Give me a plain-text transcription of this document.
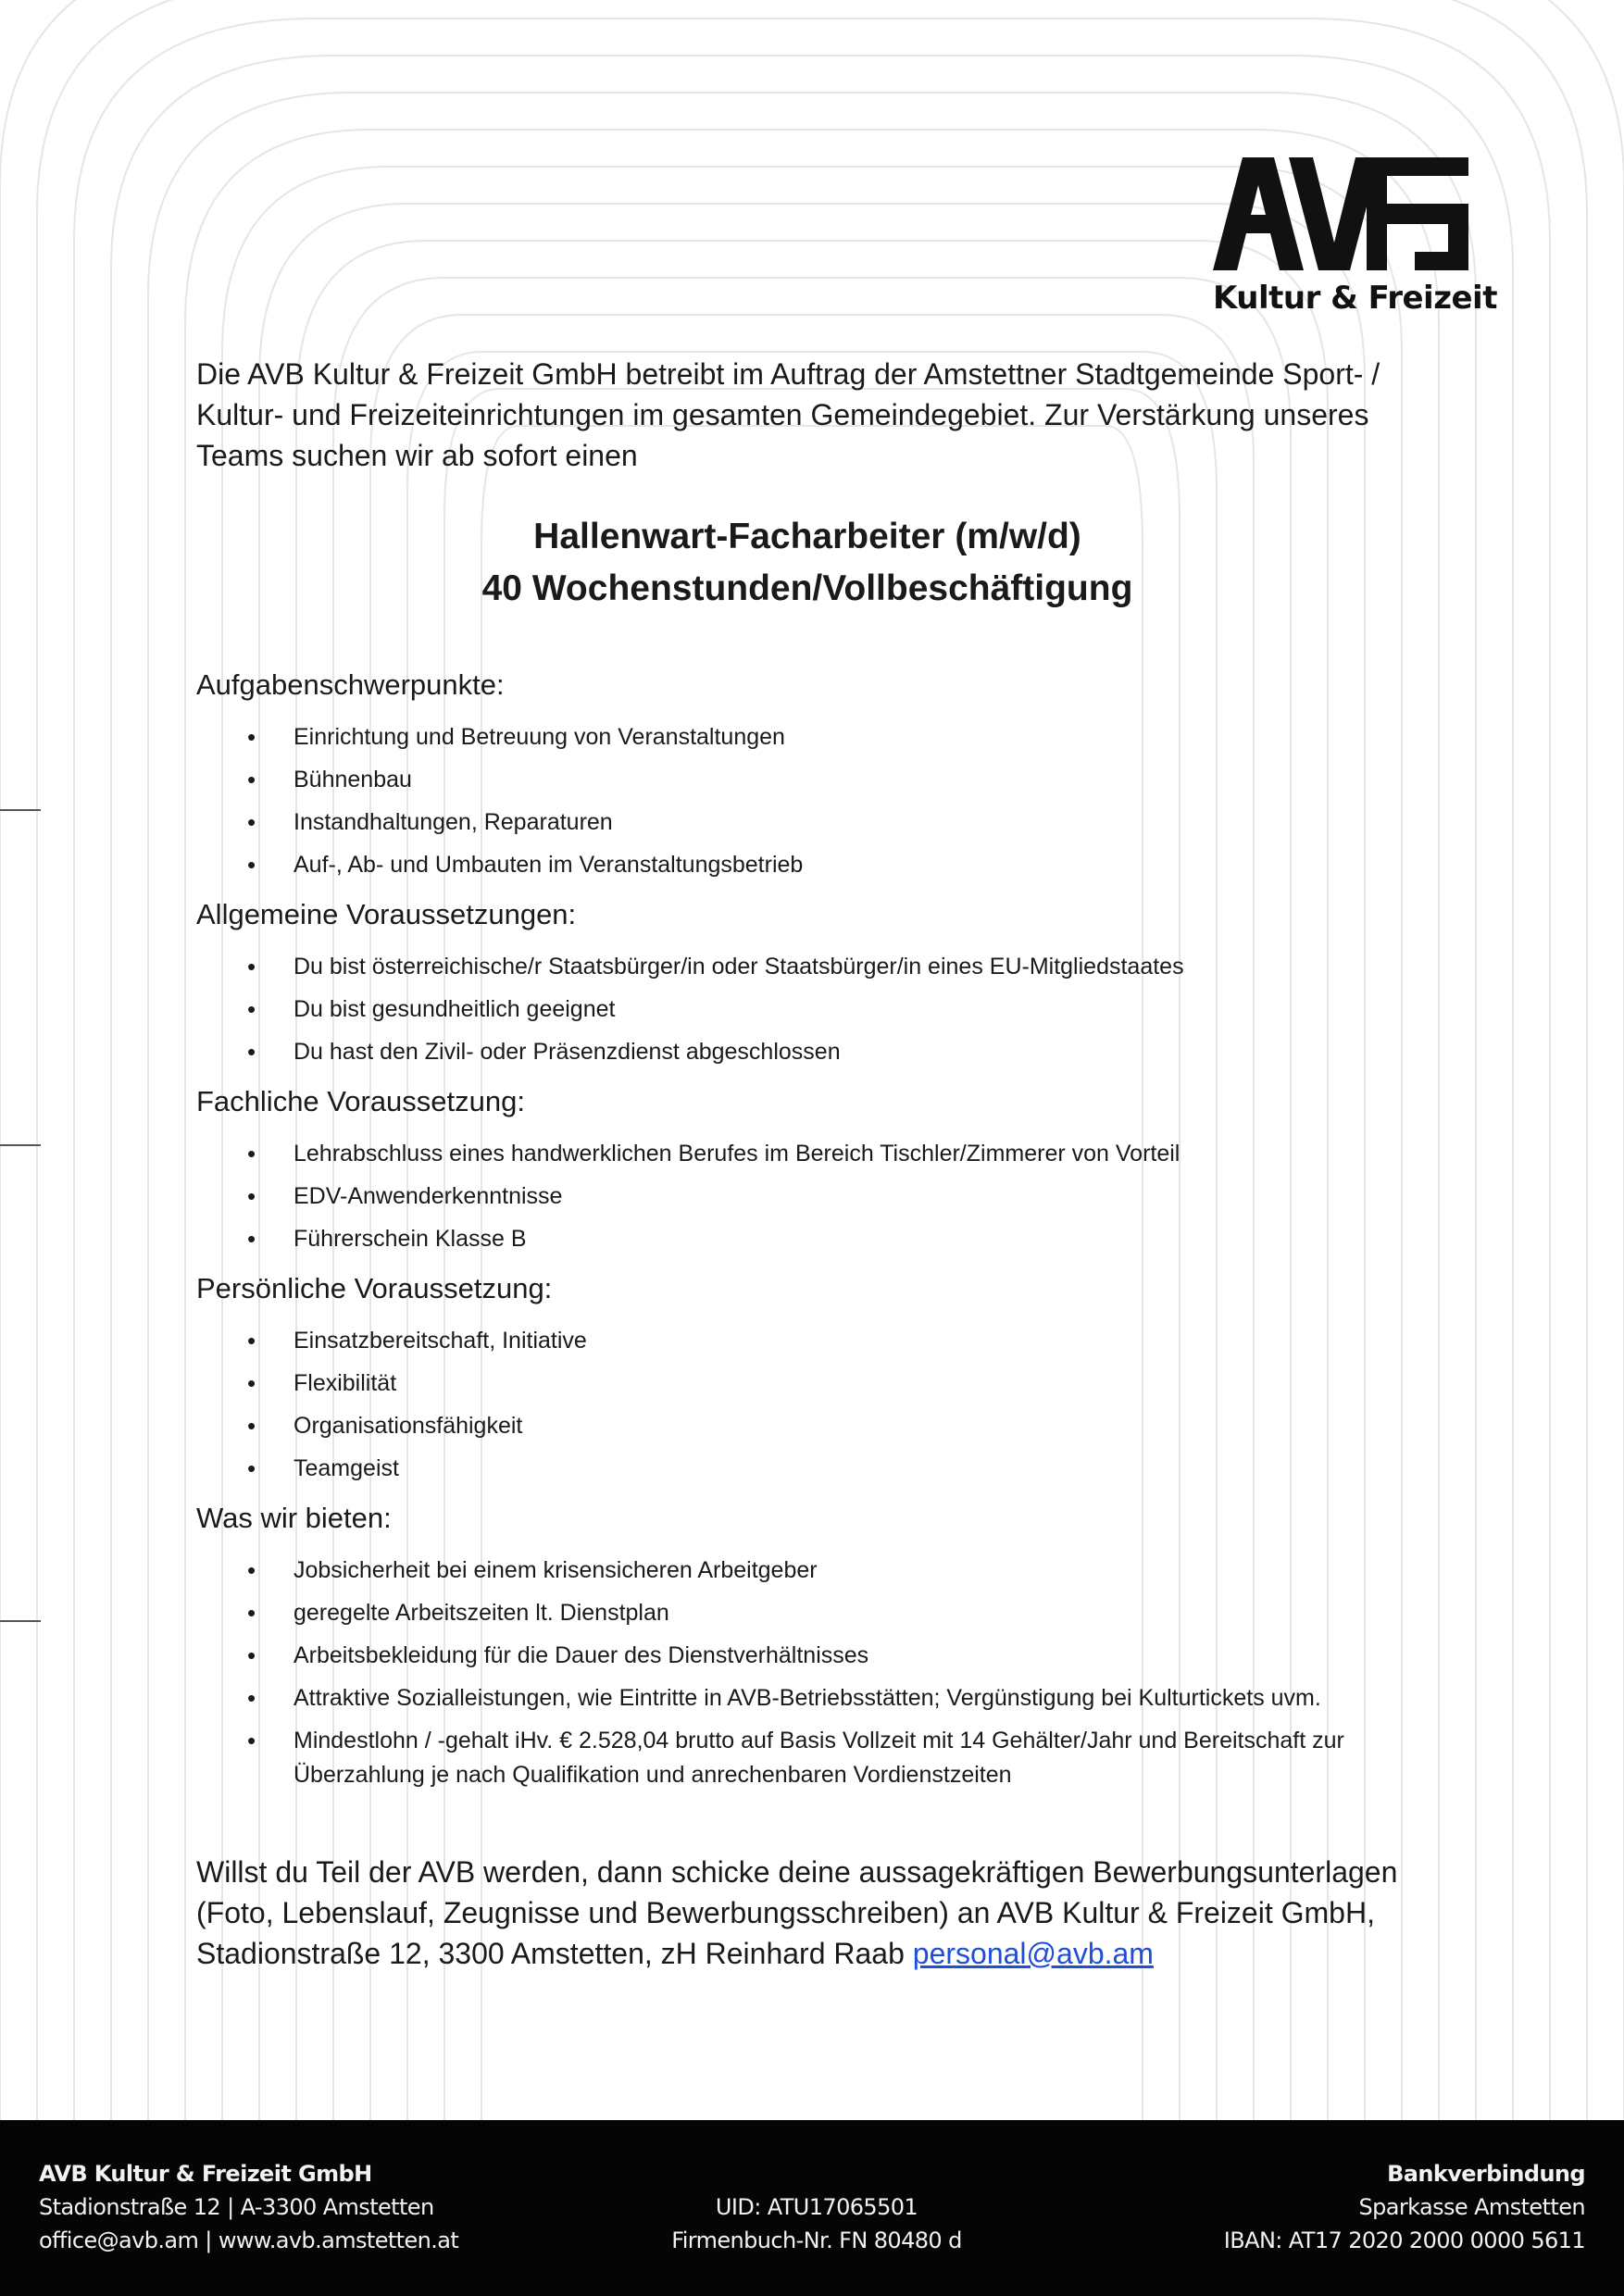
Kultur & Freizeit

Die AVB Kultur & Freizeit GmbH betreibt im Auftrag der Amstettner Stadtgemeinde Sport- / Kultur- und Freizeiteinrichtungen im gesamten Gemeindegebiet. Zur Verstärkung unseres Teams suchen wir ab sofort einen

Hallenwart-Facharbeiter (m/w/d)

40 Wochenstunden/Vollbeschäftigung

Aufgabenschwerpunkte:

• Einrichtung und Betreuung von Veranstaltungen
• Bühnenbau
• Instandhaltungen, Reparaturen
• Auf-, Ab- und Umbauten im Veranstaltungsbetrieb

Allgemeine Voraussetzungen:

• Du bist österreichische/r Staatsbürger/in oder Staatsbürger/in eines EU-Mitgliedstaates
• Du bist gesundheitlich geeignet
• Du hast den Zivil- oder Präsenzdienst abgeschlossen

Fachliche Voraussetzung:

• Lehrabschluss eines handwerklichen Berufes im Bereich Tischler/Zimmerer von Vorteil
• EDV-Anwenderkenntnisse
• Führerschein Klasse B

Persönliche Voraussetzung:

• Einsatzbereitschaft, Initiative
• Flexibilität
• Organisationsfähigkeit
• Teamgeist

Was wir bieten:

• Jobsicherheit bei einem krisensicheren Arbeitgeber
• geregelte Arbeitszeiten lt. Dienstplan
• Arbeitsbekleidung für die Dauer des Dienstverhältnisses
• Attraktive Sozialleistungen, wie Eintritte in AVB-Betriebsstätten; Vergünstigung bei Kulturtickets uvm.
• Mindestlohn / -gehalt iHv. € 2.528,04 brutto auf Basis Vollzeit mit 14 Gehälter/Jahr und Bereitschaft zur Überzahlung je nach Qualifikation und anrechenbaren Vordienstzeiten

Willst du Teil der AVB werden, dann schicke deine aussagekräftigen Bewerbungsunterlagen (Foto, Lebenslauf, Zeugnisse und Bewerbungsschreiben) an AVB Kultur & Freizeit GmbH, Stadionstraße 12, 3300 Amstetten, zH Reinhard Raab personal@avb.am

AVB Kultur & Freizeit GmbH
Stadionstraße 12 | A-3300 Amstetten
office@avb.am | www.avb.amstetten.at
UID: ATU17065501
Firmenbuch-Nr. FN 80480 d
Bankverbindung
Sparkasse Amstetten
IBAN: AT17 2020 2000 0000 5611
